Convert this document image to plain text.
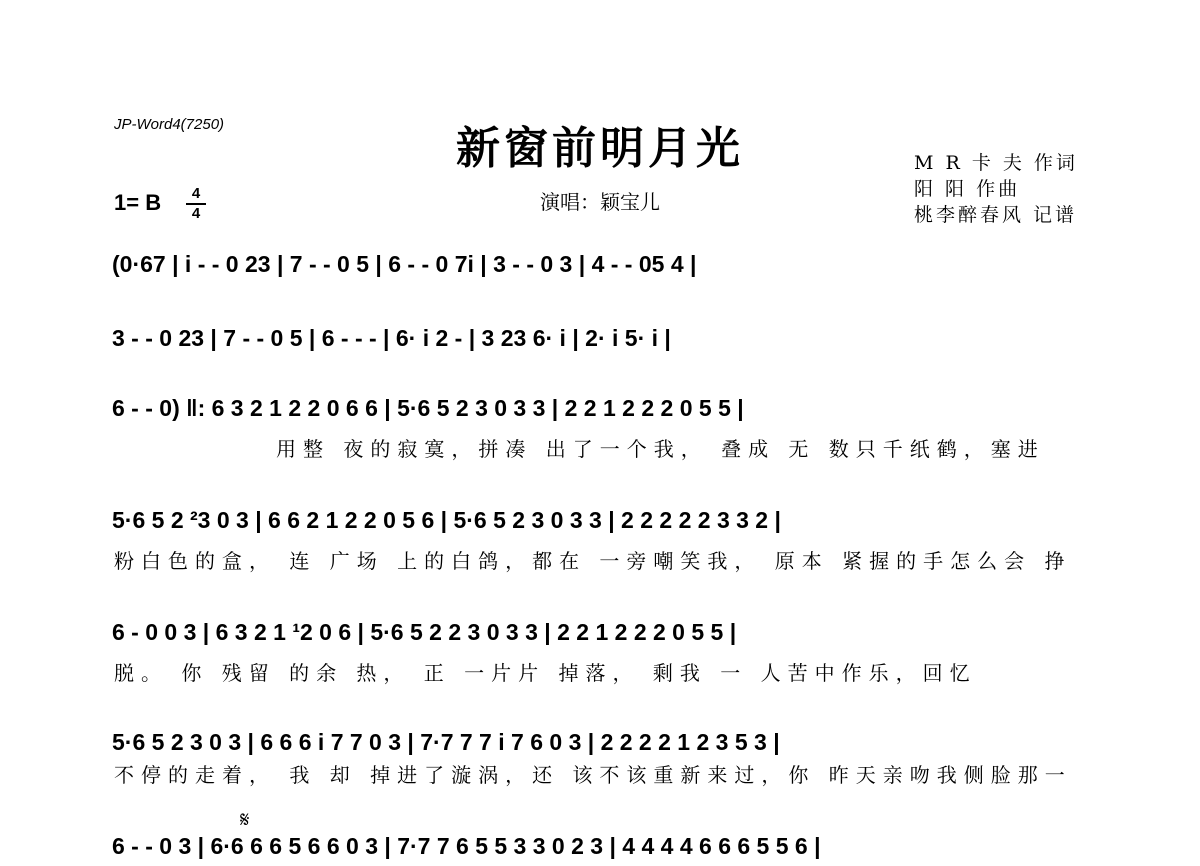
JP-Word4(7250)	新窗前明月光
演唱：颖宝儿
1= B	4
4
M R 卡 夫 作词
阳 阳 作曲
桃李醉春风 记谱
(0·67 | i - - 0 23 | 7 - - 0 5 | 6 - - 0 7i | 3 - - 0 3 | 4 - - 05 4 |
3 - - 0 23 | 7 - - 0 5 | 6 - - - | 6· i 2 - | 3 23 6· i | 2· i 5· i |
6 - - 0) ‖: 6 3 2 1 2 2 0 6 6 | 5·6 5 2 3 0 3 3 | 2 2 1 2 2 2 0 5 5 |
用整 夜的寂寞，拼凑 出了一个我， 叠成 无 数只千纸鹤，塞进
5·6 5 2 ²3 0 3 | 6 6 2 1 2 2 0 5 6 | 5·6 5 2 3 0 3 3 | 2 2 2 2 2 3 3 2 |
粉白色的盒， 连 广场 上的白鸽，都在 一旁嘲笑我， 原本 紧握的手怎么会 挣
6 - 0 0 3 | 6 3 2 1 ¹2 0 6 | 5·6 5 2 2 3 0 3 3 | 2 2 1 2 2 2 0 5 5 |
脱。 你 残留 的余 热， 正 一片片 掉落， 剩我 一 人苦中作乐，回忆
5·6 5 2 3 0 3 | 6 6 6 i 7 7 0 3 | 7·7 7 7 i 7 6 0 3 | 2 2 2 2 1 2 3 5 3 |
不停的走着， 我 却 掉进了漩涡，还 该不该重新来过，你 昨天亲吻我侧脸那一
𝄋
6 - - 0 3 | 6·6 6 6 5 6 6 0 3 | 7·7 7 6 5 5 3 3 0 2 3 | 4 4 4 4 6 6 6 5 5 6 |
